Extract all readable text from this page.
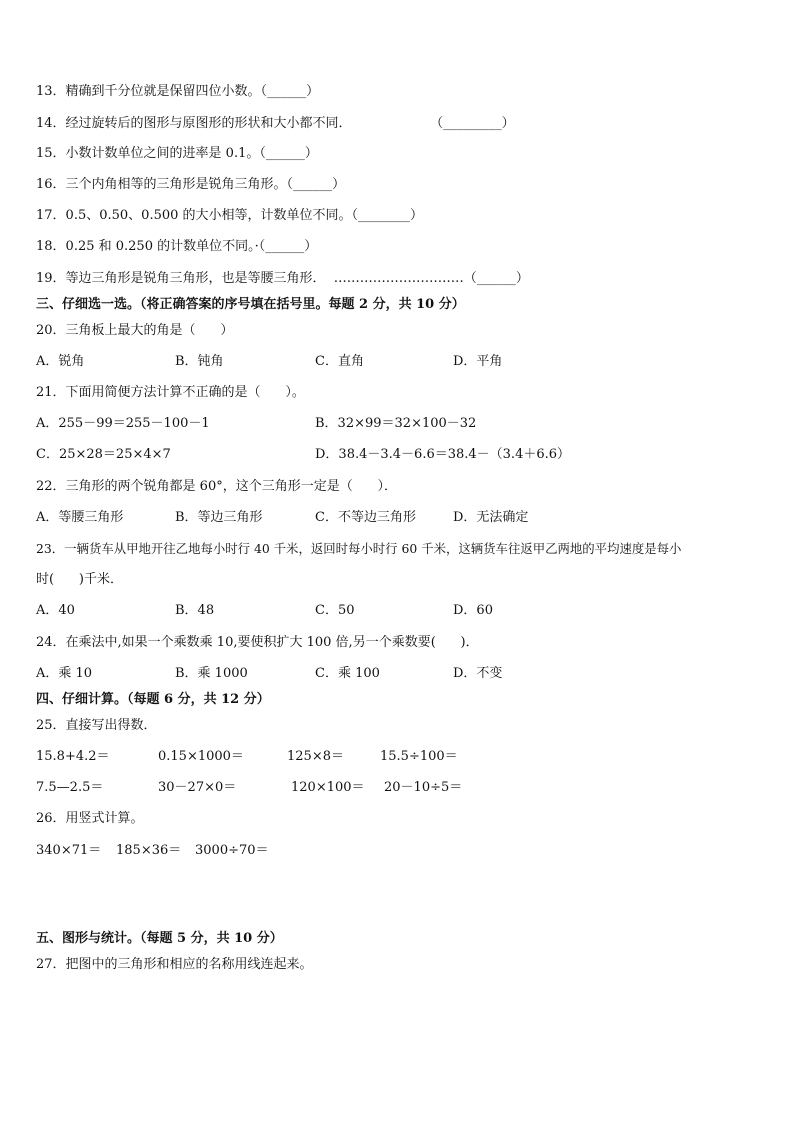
13．精确到千分位就是保留四位小数。（______）
14．经过旋转后的图形与原图形的形状和大小都不同．	（_________）
15．小数计数单位之间的进率是 0.1。（______）
16．三个内角相等的三角形是锐角三角形。（______）
17．0.5、0.50、0.500 的大小相等，计数单位不同。（________）
18．0.25 和 0.250 的计数单位不同。·（______）
19．等边三角形是锐角三角形，也是等腰三角形．  …………………………（______）
三、仔细选一选。（将正确答案的序号填在括号里。每题 2 分，共 10 分）
20．三角板上最大的角是（      ）
A．锐角	B．钝角	C．直角	D．平角
21．下面用简便方法计算不正确的是（      ）。
A．255－99＝255－100－1	B．32×99＝32×100－32
C．25×28＝25×4×7	D．38.4－3.4－6.6＝38.4－（3.4＋6.6）
22．三角形的两个锐角都是 60°，这个三角形一定是（      ）．
A．等腰三角形	B．等边三角形	C．不等边三角形	D．无法确定
23．一辆货车从甲地开往乙地每小时行 40 千米，返回时每小时行 60 千米，这辆货车往返甲乙两地的平均速度是每小
时(      )千米．
A．40	B．48	C．50	D．60
24．在乘法中,如果一个乘数乘 10,要使积扩大 100 倍,另一个乘数要(      )．
A．乘 10	B．乘 1000	C．乘 100	D．不变
四、仔细计算。（每题 6 分，共 12 分）
25．直接写出得数．
15.8+4.2＝	0.15×1000＝	125×8＝	15.5÷100＝
7.5—2.5＝	30－27×0＝	120×100＝ 20－10÷5＝
26．用竖式计算。
340×71＝ 185×36＝ 3000÷70＝
五、图形与统计。（每题 5 分，共 10 分）
27．把图中的三角形和相应的名称用线连起来。
